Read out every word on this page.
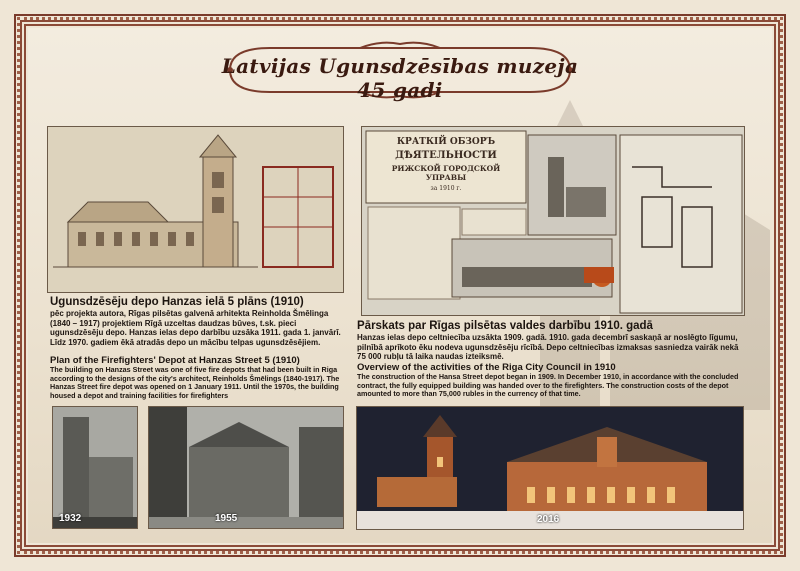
Latvijas Ugunsdzēsības muzeja 45 gadi
КРАТКІЙ ОБЗОРЪ
ДѢЯТЕЛЬНОСТИ
РИЖСКОЙ ГОРОДСКОЙ УПРАВЫ
за 1910 г.
Ugunsdzēsēju depo Hanzas ielā 5 plāns (1910)
pēc projekta autora, Rīgas pilsētas galvenā arhitekta Reinholda Šmēlinga (1840 – 1917) projektiem Rīgā uzceltas daudzas būves, t.sk. pieci ugunsdzēsēju depo. Hanzas ielas depo darbību uzsāka 1911. gada 1. janvārī. Līdz 1970. gadiem ēkā atradās depo un mācību telpas ugunsdzēsējiem.
Plan of the Firefighters' Depot at Hanzas Street 5 (1910)
The building on Hanzas Street was one of five fire depots that had been built in Riga according to the designs of the city's architect, Reinholds Šmēlings (1840-1917). The Hanzas Street fire depot was opened on 1 January 1911. Until the 1970s, the building housed a depot and training facilities for firefighters
Pārskats par Rīgas pilsētas valdes darbību 1910. gadā
Hanzas ielas depo celtniecība uzsākta 1909. gadā. 1910. gada decembrī saskaņā ar noslēgto līgumu, pilnībā aprīkoto ēku nodeva ugunsdzēsēju rīcībā. Depo celtniecības izmaksas sasniedza vairāk nekā 75 000 rubļu tā laika naudas izteiksmē.
Overview of the activities of the Riga City Council in 1910
The construction of the Hansa Street depot began in 1909. In December 1910, in accordance with the concluded contract, the fully equipped building was handed over to the firefighters. The construction costs of the depot amounted to more than 75,000 rubles in the currency of that time.
1932	1955	2016
